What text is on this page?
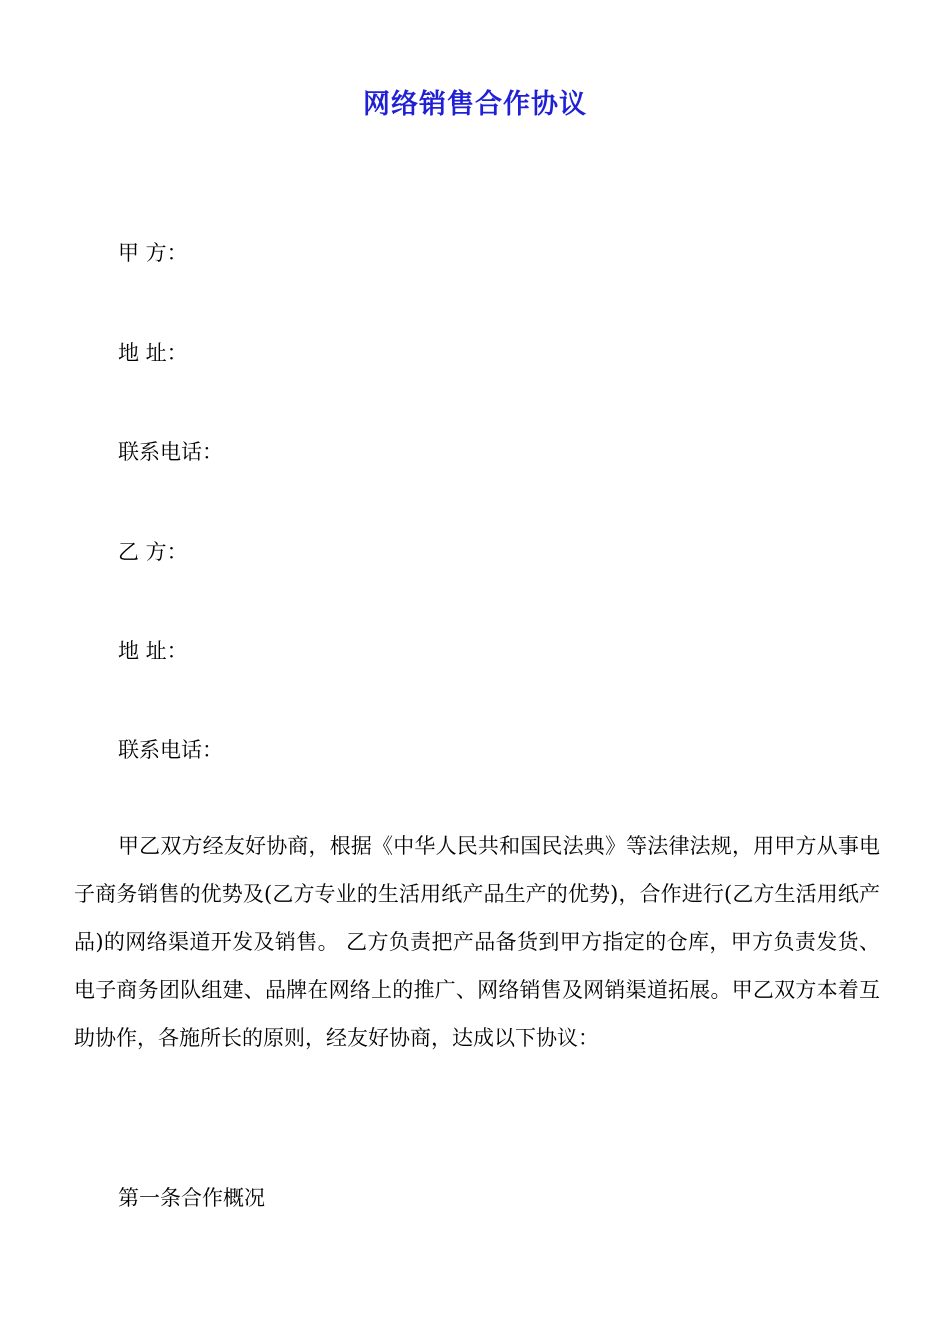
网络销售合作协议
甲 方：
地 址：
联系电话：
乙 方：
地 址：
联系电话：
甲乙双方经友好协商，根据《中华人民共和国民法典》等法律法规，用甲方从事电子商务销售的优势及(乙方专业的生活用纸产品生产的优势)，合作进行(乙方生活用纸产品)的网络渠道开发及销售。 乙方负责把产品备货到甲方指定的仓库，甲方负责发货、电子商务团队组建、品牌在网络上的推广、网络销售及网销渠道拓展。甲乙双方本着互助协作，各施所长的原则，经友好协商，达成以下协议：
第一条合作概况
